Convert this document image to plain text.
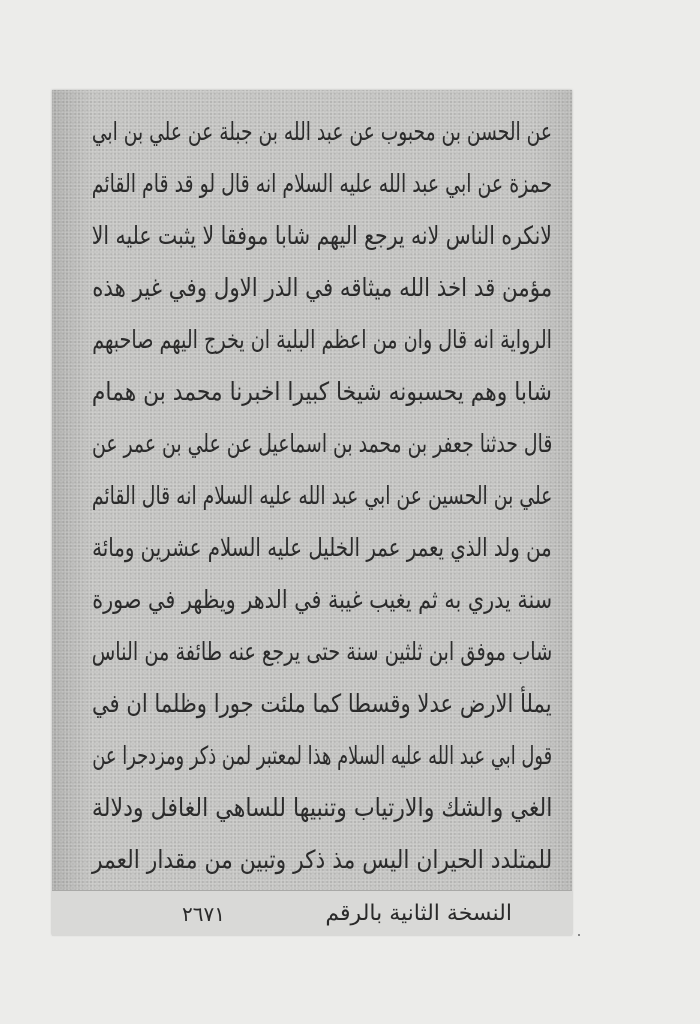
عن الحسن بن محبوب عن عبد الله بن جبلة عن علي بن ابي
حمزة عن ابي عبد الله عليه السلام انه قال لو قد قام القائم
لانكره الناس لانه يرجع اليهم شابا موفقا لا يثبت عليه الا
مؤمن قد اخذ الله ميثاقه في الذر الاول وفي غير هذه
الرواية انه قال وان من اعظم البلية ان يخرج اليهم صاحبهم
شابا وهم يحسبونه شيخا كبيرا اخبرنا محمد بن همام
قال حدثنا جعفر بن محمد بن اسماعيل عن علي بن عمر عن
علي بن الحسين عن ابي عبد الله عليه السلام انه قال القائم
من ولد الذي يعمر عمر الخليل عليه السلام عشرين ومائة
سنة يدري به ثم يغيب غيبة في الدهر ويظهر في صورة
شاب موفق ابن ثلثين سنة حتى يرجع عنه طائفة من الناس
يملأ الارض عدلا وقسطا كما ملئت جورا وظلما ان في
قول ابي عبد الله عليه السلام هذا لمعتبر لمن ذكر ومزدجرا عن
الغي والشك والارتياب وتنبيها للساهي الغافل ودلالة
للمتلدد الحيران اليس مذ ذكر وتبين من مقدار العمر
النسخة الثانية بالرقم
٢٦٧١
